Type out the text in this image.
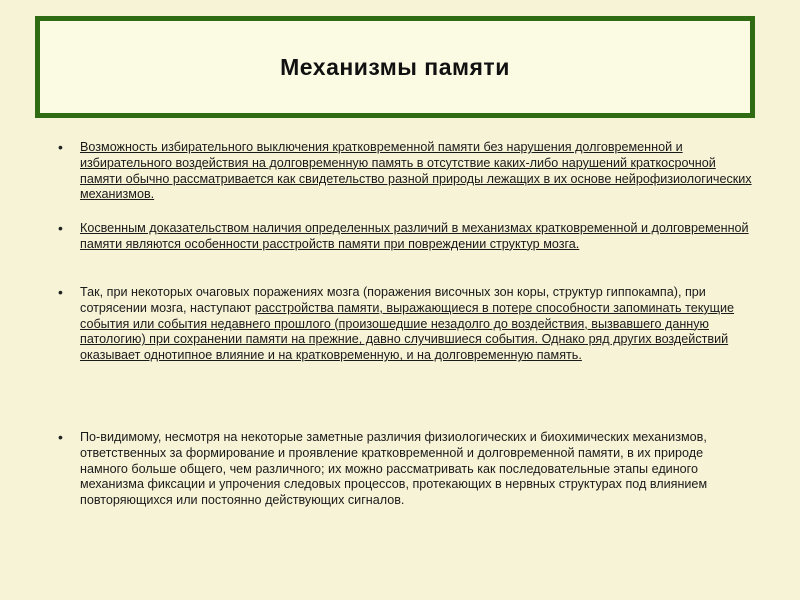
Механизмы памяти
• Возможность избирательного выключения кратковременной памяти без нарушения долговременной и избирательного воздействия на долговременную память в отсутствие каких-либо нарушений краткосрочной памяти обычно рассматривается как свидетельство разной природы лежащих в их основе нейрофизиологических механизмов.

• Косвенным доказательством наличия определенных различий в механизмах кратковременной и долговременной памяти являются особенности расстройств памяти при повреждении структур мозга.

• Так, при некоторых очаговых поражениях мозга (поражения височных зон коры, структур гиппокампа), при сотрясении мозга, наступают расстройства памяти, выражающиеся в потере способности запоминать текущие события или события недавнего прошлого (произошедшие незадолго до воздействия, вызвавшего данную патологию) при сохранении памяти на прежние, давно случившиеся события. Однако ряд других воздействий оказывает однотипное влияние и на кратковременную, и на долговременную память.

• По-видимому, несмотря на некоторые заметные различия физиологических и биохимических механизмов, ответственных за формирование и проявление кратковременной и долговременной памяти, в их природе намного больше общего, чем различного; их можно рассматривать как последовательные этапы единого механизма фиксации и упрочения следовых процессов, протекающих в нервных структурах под влиянием повторяющихся или постоянно действующих сигналов.
